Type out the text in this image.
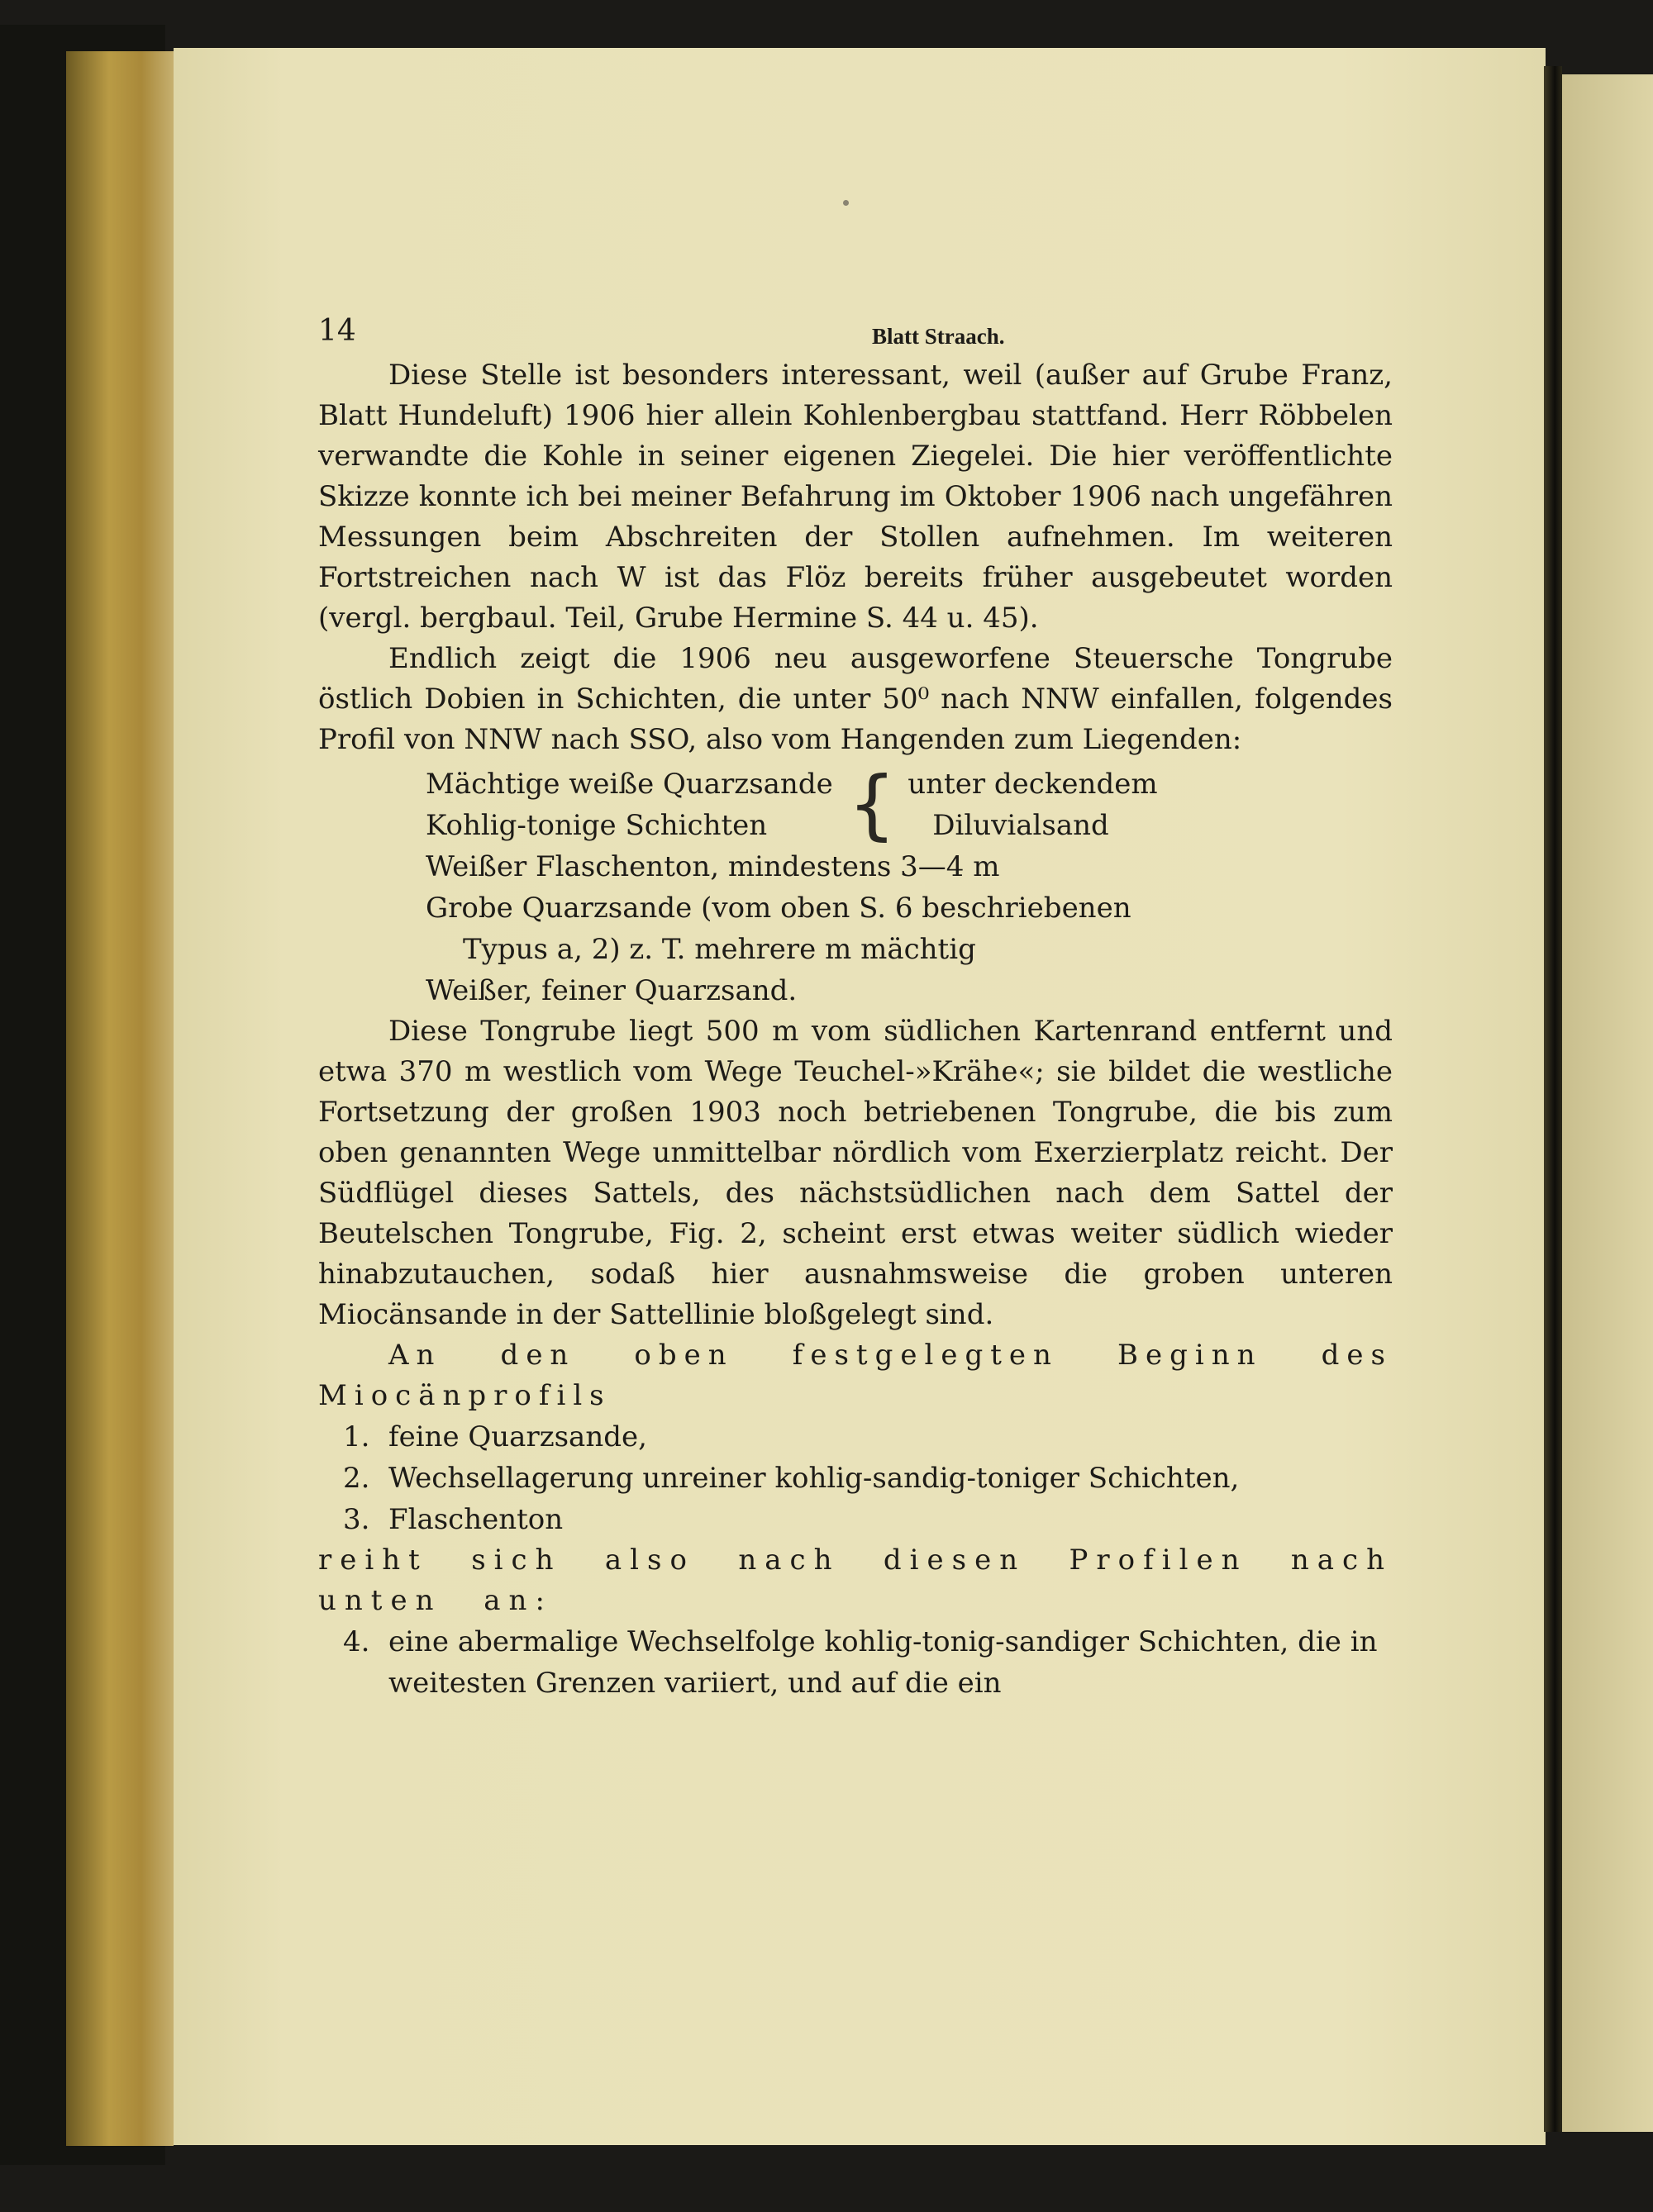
14	Blatt Straach.

Diese Stelle ist besonders interessant, weil (außer auf Grube Franz, Blatt Hundeluft) 1906 hier allein Kohlenbergbau stattfand. Herr Röbbelen verwandte die Kohle in seiner eigenen Ziegelei. Die hier veröffentlichte Skizze konnte ich bei meiner Befahrung im Oktober 1906 nach ungefähren Messungen beim Abschreiten der Stollen aufnehmen. Im weiteren Fortstreichen nach W ist das Flöz bereits früher ausgebeutet worden (vergl. bergbaul. Teil, Grube Hermine S. 44 u. 45).

Endlich zeigt die 1906 neu ausgeworfene Steuersche Tongrube östlich Dobien in Schichten, die unter 50⁰ nach NNW einfallen, folgendes Profil von NNW nach SSO, also vom Hangenden zum Liegenden:

Mächtige weiße Quarzsande
Kohlig-tonige Schichten	{ unter deckendem
Diluvialsand
Weißer Flaschenton, mindestens 3—4 m
Grobe Quarzsande (vom oben S. 6 beschriebenen
Typus a, 2) z. T. mehrere m mächtig
Weißer, feiner Quarzsand.

Diese Tongrube liegt 500 m vom südlichen Kartenrand entfernt und etwa 370 m westlich vom Wege Teuchel-»Krähe«; sie bildet die westliche Fortsetzung der großen 1903 noch betriebenen Tongrube, die bis zum oben genannten Wege unmittelbar nördlich vom Exerzierplatz reicht. Der Südflügel dieses Sattels, des nächstsüdlichen nach dem Sattel der Beutelschen Tongrube, Fig. 2, scheint erst etwas weiter südlich wieder hinabzutauchen, sodaß hier ausnahmsweise die groben unteren Miocänsande in der Sattellinie bloßgelegt sind.

An den oben festgelegten Beginn des Miocänprofils

1. feine Quarzsande,
2. Wechsellagerung unreiner kohlig-sandig-toniger Schichten,
3. Flaschenton

reiht sich also nach diesen Profilen nach unten an:

4. eine abermalige Wechselfolge kohlig-tonig-sandiger Schichten, die in weitesten Grenzen variiert, und auf die ein
